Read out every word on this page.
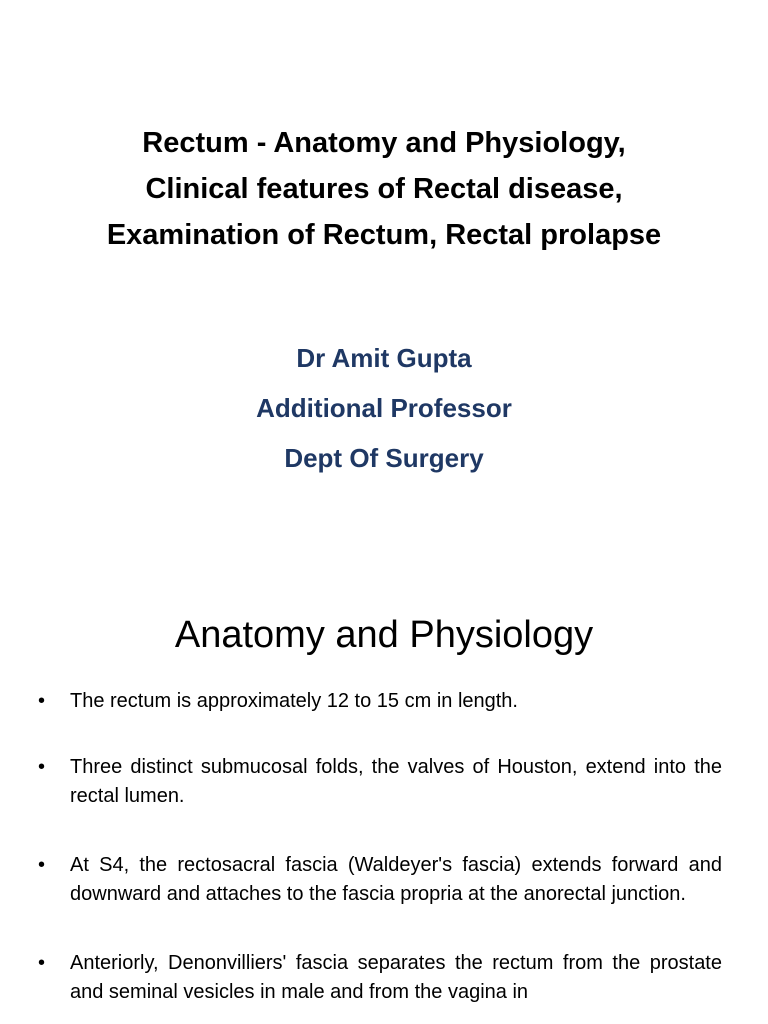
Rectum - Anatomy and Physiology,
Clinical features of Rectal disease,
Examination of Rectum, Rectal prolapse
Dr Amit Gupta
Additional Professor
Dept Of Surgery
Anatomy and Physiology
• The rectum is approximately 12 to 15 cm in length.
• Three distinct submucosal folds, the valves of Houston, extend into the rectal lumen.
• At S4, the rectosacral fascia (Waldeyer's fascia) extends forward and downward and attaches to the fascia propria at the anorectal junction.
• Anteriorly, Denonvilliers' fascia separates the rectum from the prostate and seminal vesicles in male and from the vagina in
